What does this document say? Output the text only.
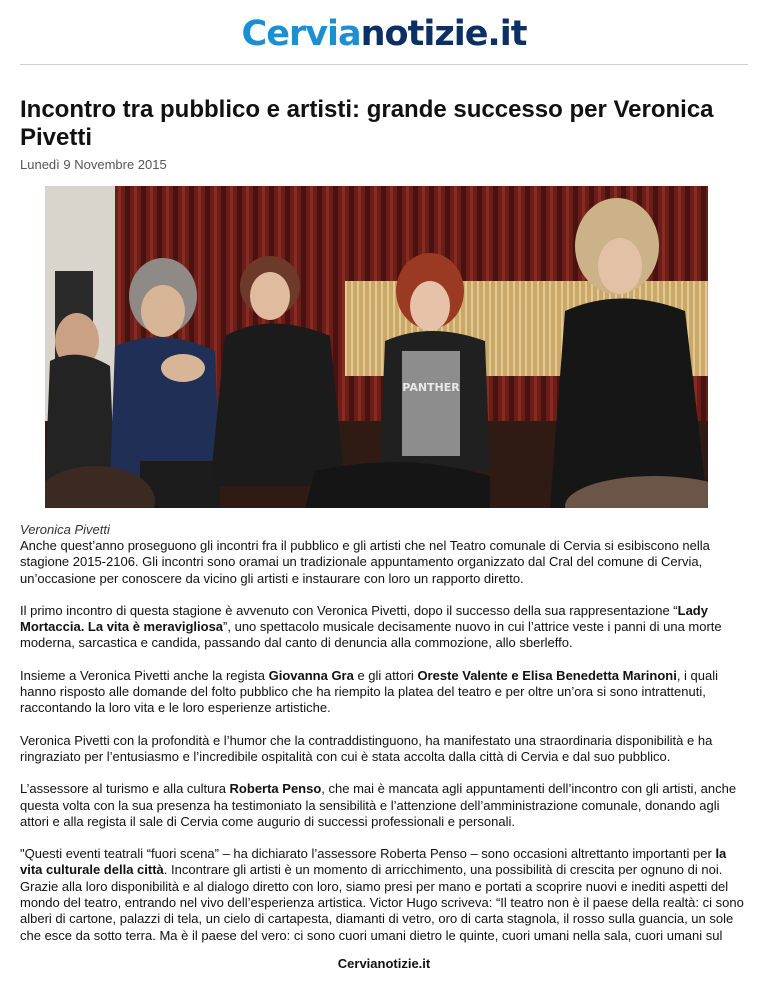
Cervianotizie.it
Incontro tra pubblico e artisti: grande successo per Veronica Pivetti
Lunedì 9 Novembre 2015
PANTHER
Veronica Pivetti

Anche quest’anno proseguono gli incontri fra il pubblico e gli artisti che nel Teatro comunale di Cervia si esibiscono nella stagione 2015-2106. Gli incontri sono oramai un tradizionale appuntamento organizzato dal Cral del comune di Cervia, un’occasione per conoscere da vicino gli artisti e instaurare con loro un rapporto diretto.

Il primo incontro di questa stagione è avvenuto con Veronica Pivetti, dopo il successo della sua rappresentazione “Lady Mortaccia. La vita è meravigliosa”, uno spettacolo musicale decisamente nuovo in cui l’attrice veste i panni di una morte moderna, sarcastica e candida, passando dal canto di denuncia alla commozione, allo sberleffo.

Insieme a Veronica Pivetti anche la regista Giovanna Gra e gli attori Oreste Valente e Elisa Benedetta Marinoni, i quali hanno risposto alle domande del folto pubblico che ha riempito la platea del teatro e per oltre un’ora si sono intrattenuti, raccontando la loro vita e le loro esperienze artistiche.

Veronica Pivetti con la profondità e l’humor che la contraddistinguono, ha manifestato una straordinaria disponibilità e ha ringraziato per l’entusiasmo e l’incredibile ospitalità con cui è stata accolta dalla città di Cervia e dal suo pubblico.

L’assessore al turismo e alla cultura Roberta Penso, che mai è mancata agli appuntamenti dell’incontro con gli artisti, anche questa volta con la sua presenza ha testimoniato la sensibilità e l’attenzione dell’amministrazione comunale, donando agli attori e alla regista il sale di Cervia come augurio di successi professionali e personali.

"Questi eventi teatrali “fuori scena” – ha dichiarato l’assessore Roberta Penso – sono occasioni altrettanto importanti per la vita culturale della città. Incontrare gli artisti è un momento di arricchimento, una possibilità di crescita per ognuno di noi. Grazie alla loro disponibilità e al dialogo diretto con loro, siamo presi per mano e portati a scoprire nuovi e inediti aspetti del mondo del teatro, entrando nel vivo dell’esperienza artistica. Victor Hugo scriveva: “Il teatro non è il paese della realtà: ci sono alberi di cartone, palazzi di tela, un cielo di cartapesta, diamanti di vetro, oro di carta stagnola, il rosso sulla guancia, un sole che esce da sotto terra. Ma è il paese del vero: ci sono cuori umani dietro le quinte, cuori umani nella sala, cuori umani sul

Cervianotizie.it
